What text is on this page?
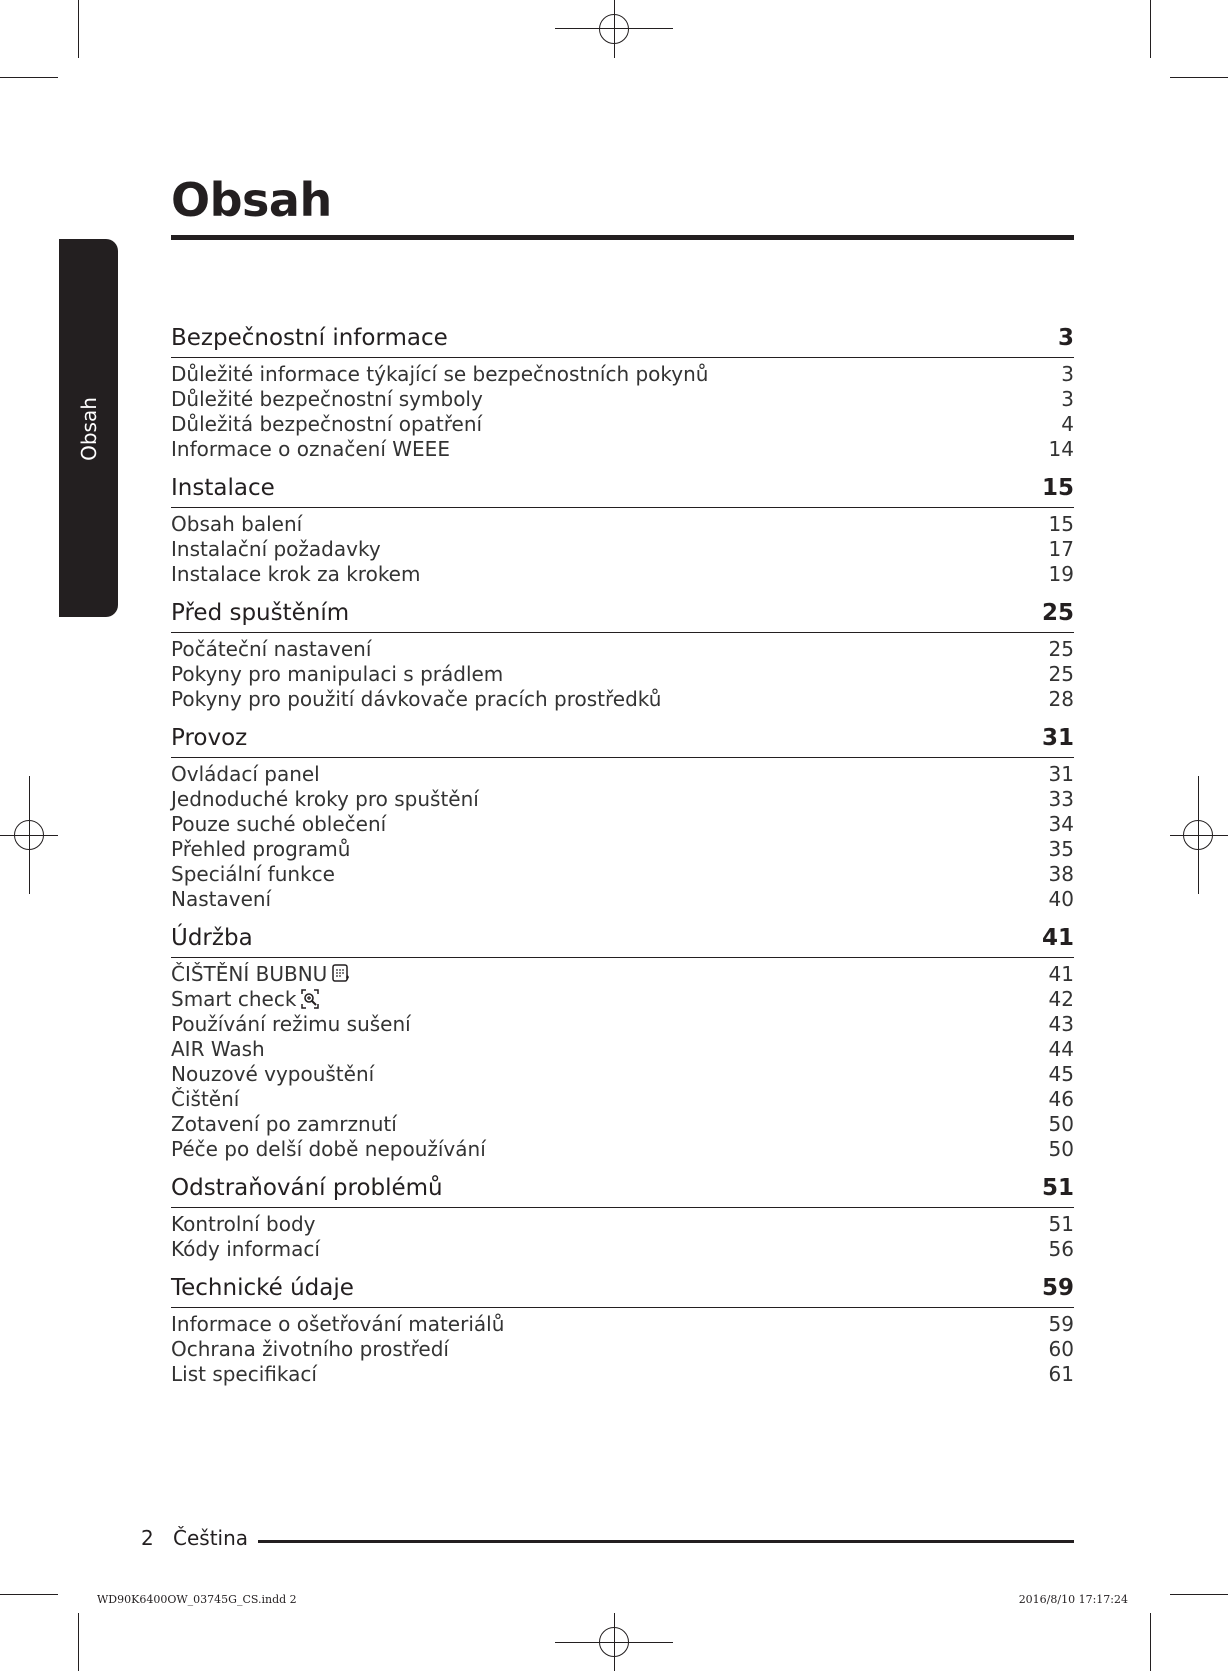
Obsah
Obsah
Bezpečnostní informace	3
Důležité informace týkající se bezpečnostních pokynů	3
Důležité bezpečnostní symboly	3
Důležitá bezpečnostní opatření	4
Informace o označení WEEE	14
Instalace	15
Obsah balení	15
Instalační požadavky	17
Instalace krok za krokem	19
Před spuštěním	25
Počáteční nastavení	25
Pokyny pro manipulaci s prádlem	25
Pokyny pro použití dávkovače pracích prostředků	28
Provoz	31
Ovládací panel	31
Jednoduché kroky pro spuštění	33
Pouze suché oblečení	34
Přehled programů	35
Speciální funkce	38
Nastavení	40
Údržba	41
ČIŠTĚNÍ BUBNU	41
Smart check	42
Používání režimu sušení	43
AIR Wash	44
Nouzové vypouštění	45
Čištění	46
Zotavení po zamrznutí	50
Péče po delší době nepoužívání	50
Odstraňování problémů	51
Kontrolní body	51
Kódy informací	56
Technické údaje	59
Informace o ošetřování materiálů	59
Ochrana životního prostředí	60
List specifikací	61
2 Čeština
WD90K6400OW_03745G_CS.indd 2	2016/8/10 17:17:24
